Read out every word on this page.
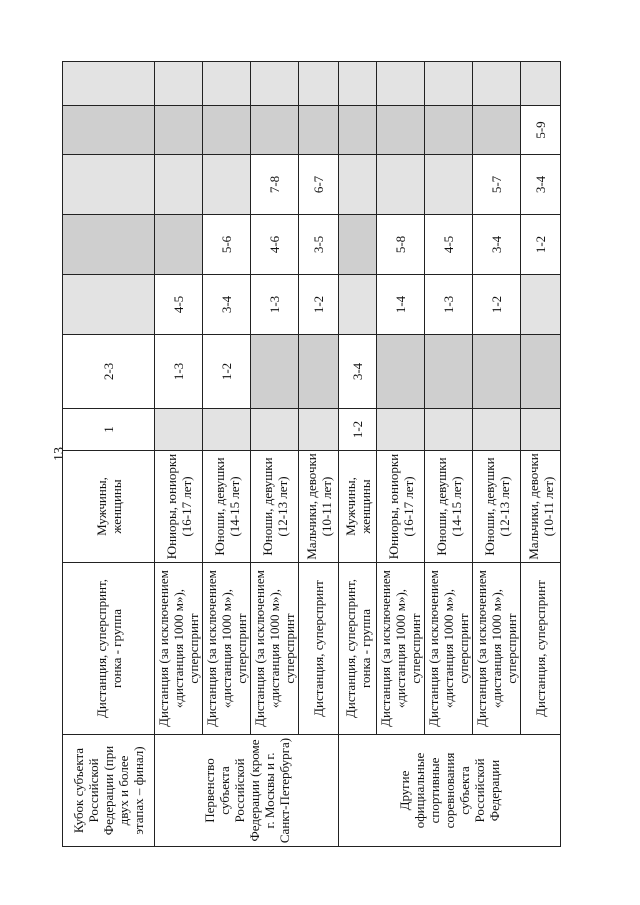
13
Кубок субъекта Российской Федерации (при двух и более этапах – финал)	Дистанция, суперспринт, гонка - группа	Мужчины, женщины	1	2-3					
Первенство субъекта Российской Федерации (кроме г. Москвы и г. Санкт-Петербурга)	Дистанция (за исключением «дистанция 1000 м»), суперспринт	Юниоры, юниорки (16-17 лет)		1-3	4-5				
	Дистанция (за исключением «дистанция 1000 м»), суперспринт	Юноши, девушки (14-15 лет)		1-2	3-4	5-6			
	Дистанция (за исключением «дистанция 1000 м»), суперспринт	Юноши, девушки (12-13 лет)			1-3	4-6	7-8		
	Дистанция, суперспринт	Мальчики, девочки (10-11 лет)			1-2	3-5	6-7		
Другие официальные спортивные соревнования субъекта Российской Федерации	Дистанция, суперспринт, гонка - группа	Мужчины, женщины	1-2	3-4					
	Дистанция (за исключением «дистанция 1000 м»), суперспринт	Юниоры, юниорки (16-17 лет)			1-4	5-8			
	Дистанция (за исключением «дистанция 1000 м»), суперспринт	Юноши, девушки (14-15 лет)			1-3	4-5			
	Дистанция (за исключением «дистанция 1000 м»), суперспринт	Юноши, девушки (12-13 лет)			1-2	3-4	5-7		
	Дистанция, суперспринт	Мальчики, девочки (10-11 лет)				1-2	3-4	5-9	
